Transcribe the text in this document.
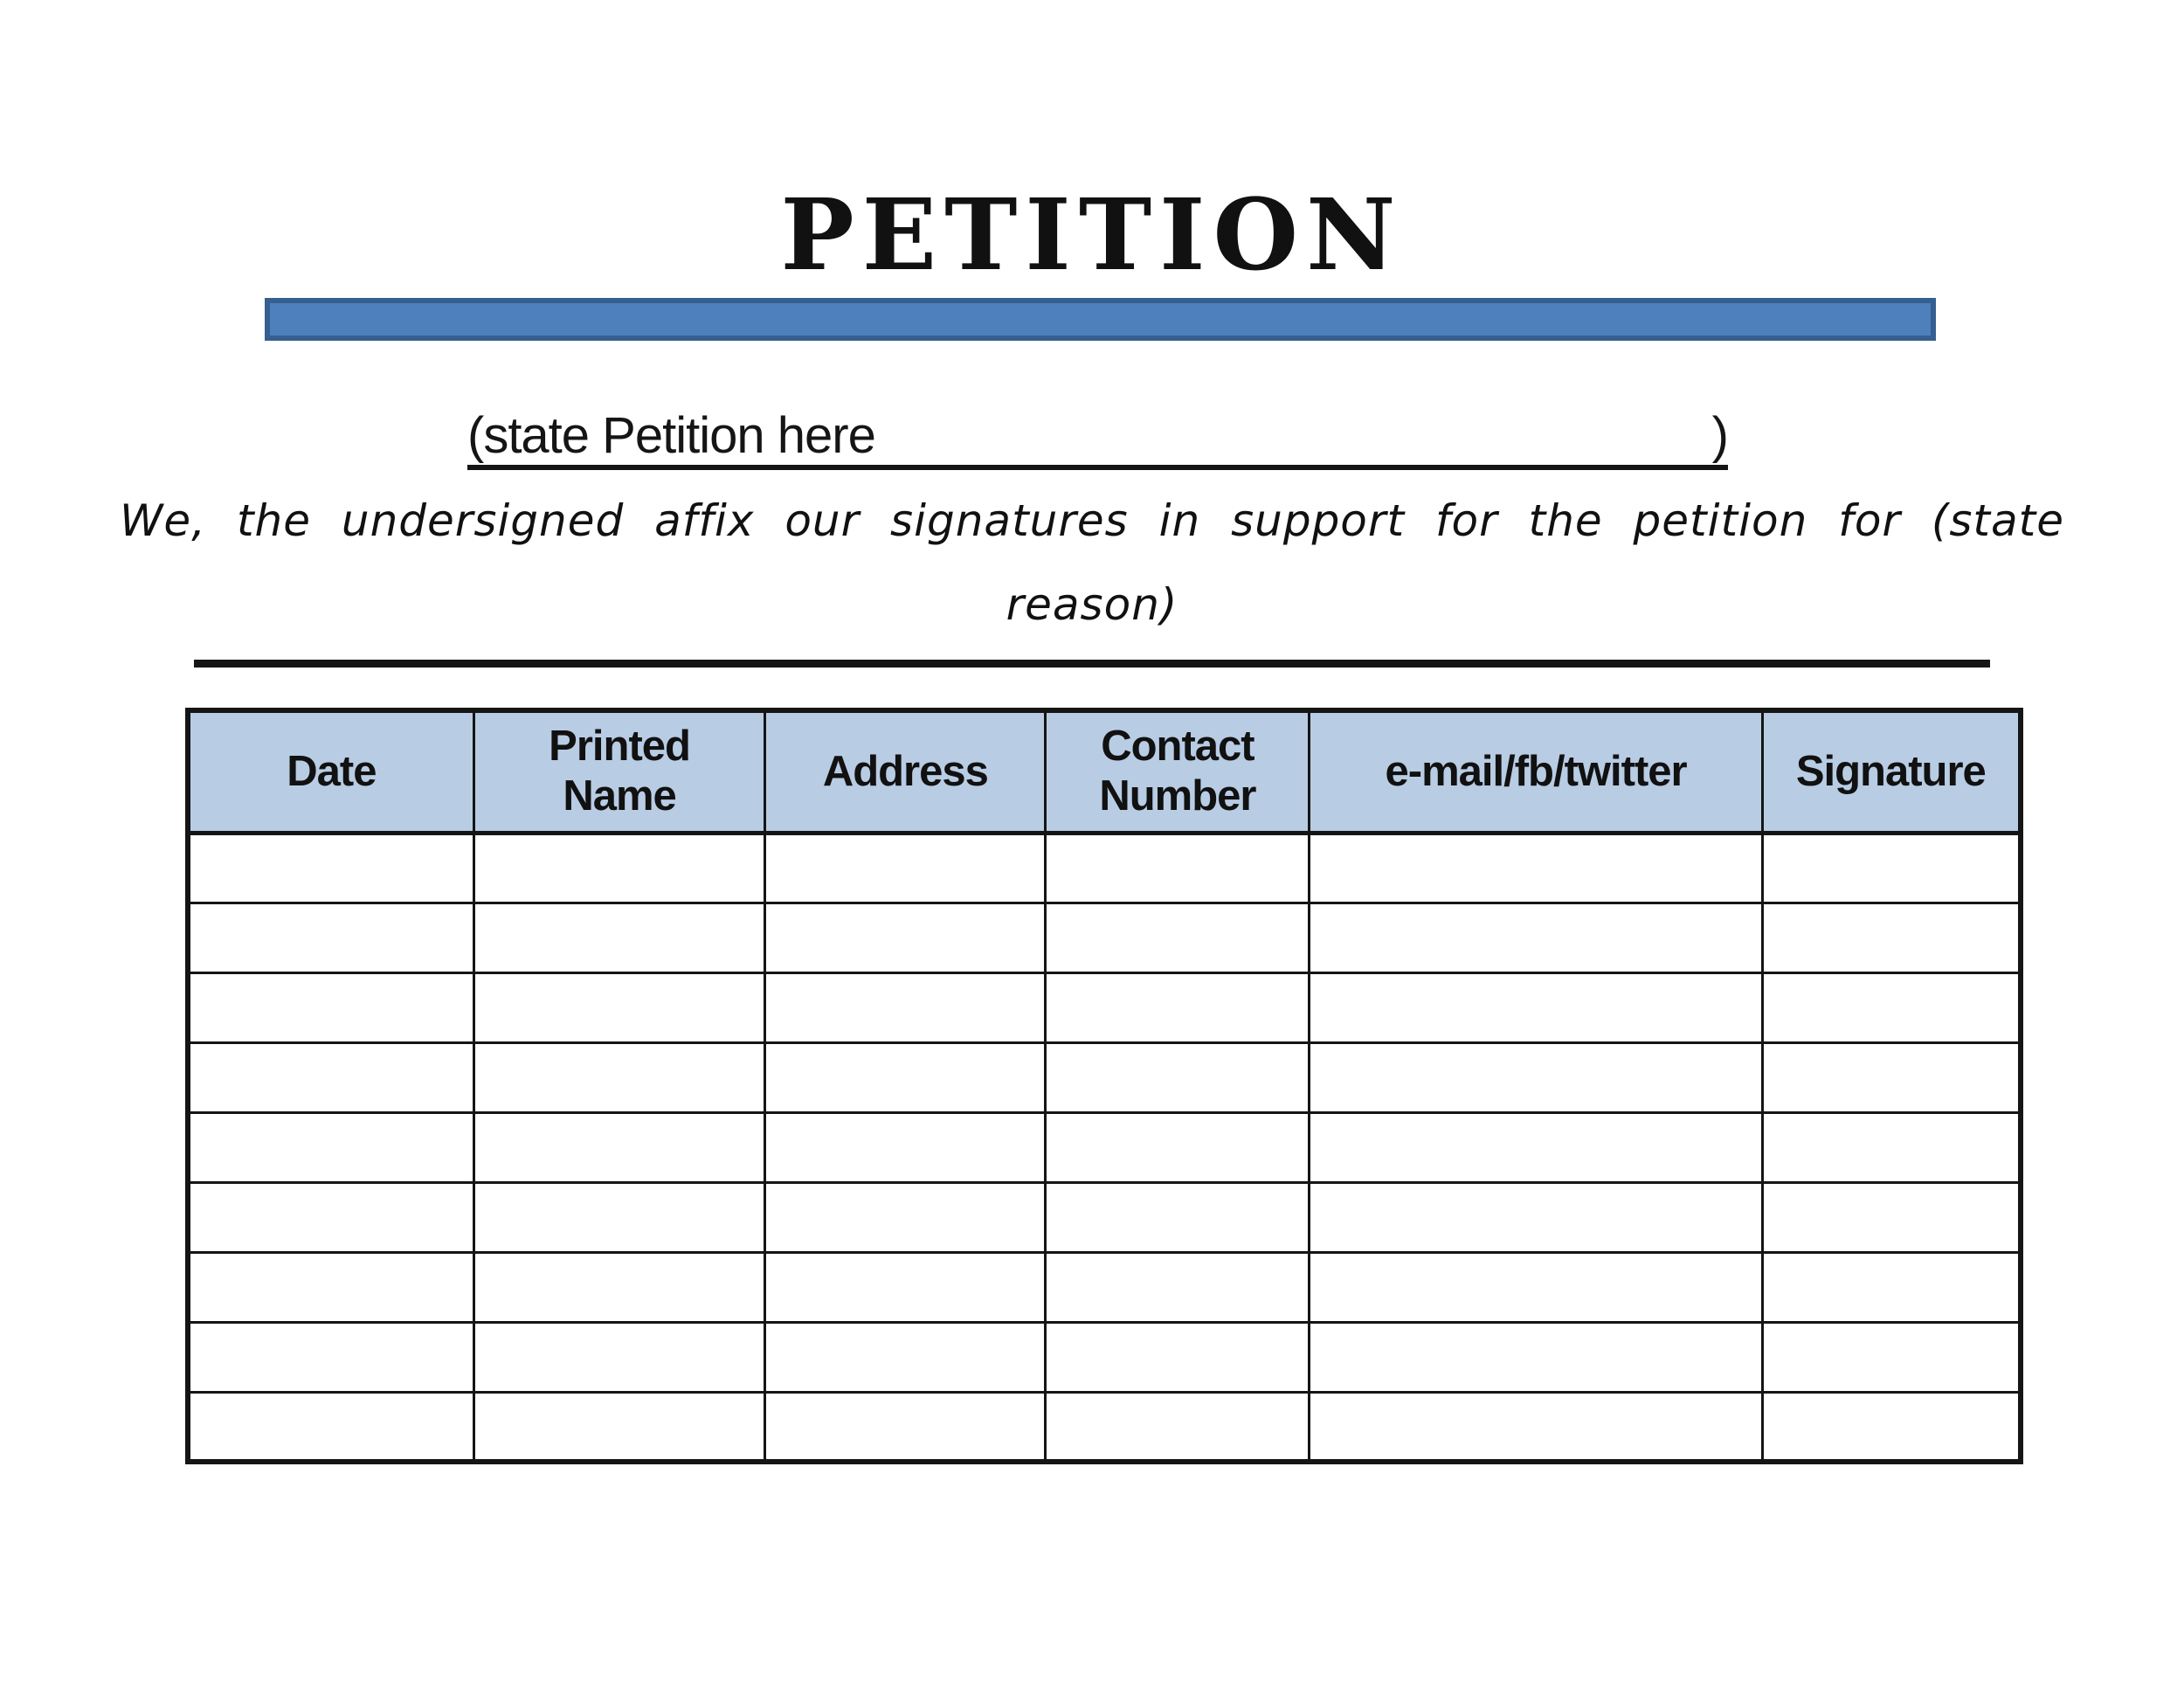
PETITION
(state Petition here	)
We, the undersigned affix our signatures in support for the petition for (state
reason)
Date	Printed Name	Address	Contact Number	e-mail/fb/twitter	Signature
